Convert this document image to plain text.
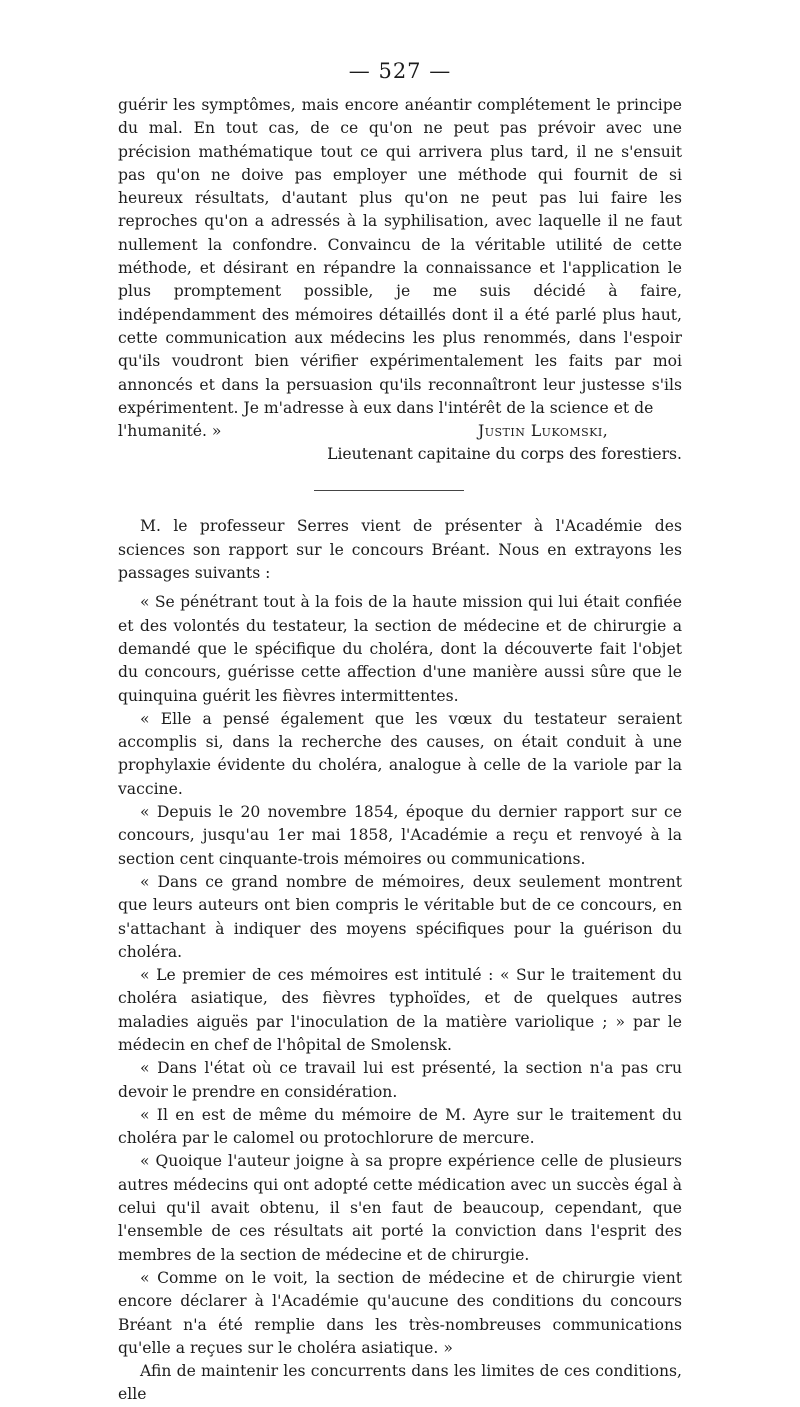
— 527 —

guérir les symptômes, mais encore anéantir complétement le principe du mal. En tout cas, de ce qu'on ne peut pas prévoir avec une précision mathématique tout ce qui arrivera plus tard, il ne s'ensuit pas qu'on ne doive pas employer une méthode qui fournit de si heureux résultats, d'autant plus qu'on ne peut pas lui faire les reproches qu'on a adressés à la syphilisation, avec laquelle il ne faut nullement la confondre. Convaincu de la véritable utilité de cette méthode, et désirant en répandre la connaissance et l'application le plus promptement possible, je me suis décidé à faire, indépendamment des mémoires détaillés dont il a été parlé plus haut, cette communication aux médecins les plus renommés, dans l'espoir qu'ils voudront bien vérifier expérimentalement les faits par moi annoncés et dans la persuasion qu'ils reconnaîtront leur justesse s'ils expérimentent. Je m'adresse à eux dans l'intérêt de la science et de

l'humanité. »	Justin Lukomski,

Lieutenant capitaine du corps des forestiers.

M. le professeur Serres vient de présenter à l'Académie des sciences son rapport sur le concours Bréant. Nous en extrayons les passages suivants :

« Se pénétrant tout à la fois de la haute mission qui lui était confiée et des volontés du testateur, la section de médecine et de chirurgie a demandé que le spécifique du choléra, dont la découverte fait l'objet du concours, guérisse cette affection d'une manière aussi sûre que le quinquina guérit les fièvres intermittentes.

« Elle a pensé également que les vœux du testateur seraient accomplis si, dans la recherche des causes, on était conduit à une prophylaxie évidente du choléra, analogue à celle de la variole par la vaccine.

« Depuis le 20 novembre 1854, époque du dernier rapport sur ce concours, jusqu'au 1er mai 1858, l'Académie a reçu et renvoyé à la section cent cinquante-trois mémoires ou communications.

« Dans ce grand nombre de mémoires, deux seulement montrent que leurs auteurs ont bien compris le véritable but de ce concours, en s'attachant à indiquer des moyens spécifiques pour la guérison du choléra.

« Le premier de ces mémoires est intitulé : « Sur le traitement du choléra asiatique, des fièvres typhoïdes, et de quelques autres maladies aiguës par l'inoculation de la matière variolique ; » par le médecin en chef de l'hôpital de Smolensk.

« Dans l'état où ce travail lui est présenté, la section n'a pas cru devoir le prendre en considération.

« Il en est de même du mémoire de M. Ayre sur le traitement du choléra par le calomel ou protochlorure de mercure.

« Quoique l'auteur joigne à sa propre expérience celle de plusieurs autres médecins qui ont adopté cette médication avec un succès égal à celui qu'il avait obtenu, il s'en faut de beaucoup, cependant, que l'ensemble de ces résultats ait porté la conviction dans l'esprit des membres de la section de médecine et de chirurgie.

« Comme on le voit, la section de médecine et de chirurgie vient encore déclarer à l'Académie qu'aucune des conditions du concours Bréant n'a été remplie dans les très-nombreuses communications qu'elle a reçues sur le choléra asiatique. »

Afin de maintenir les concurrents dans les limites de ces conditions, elle
